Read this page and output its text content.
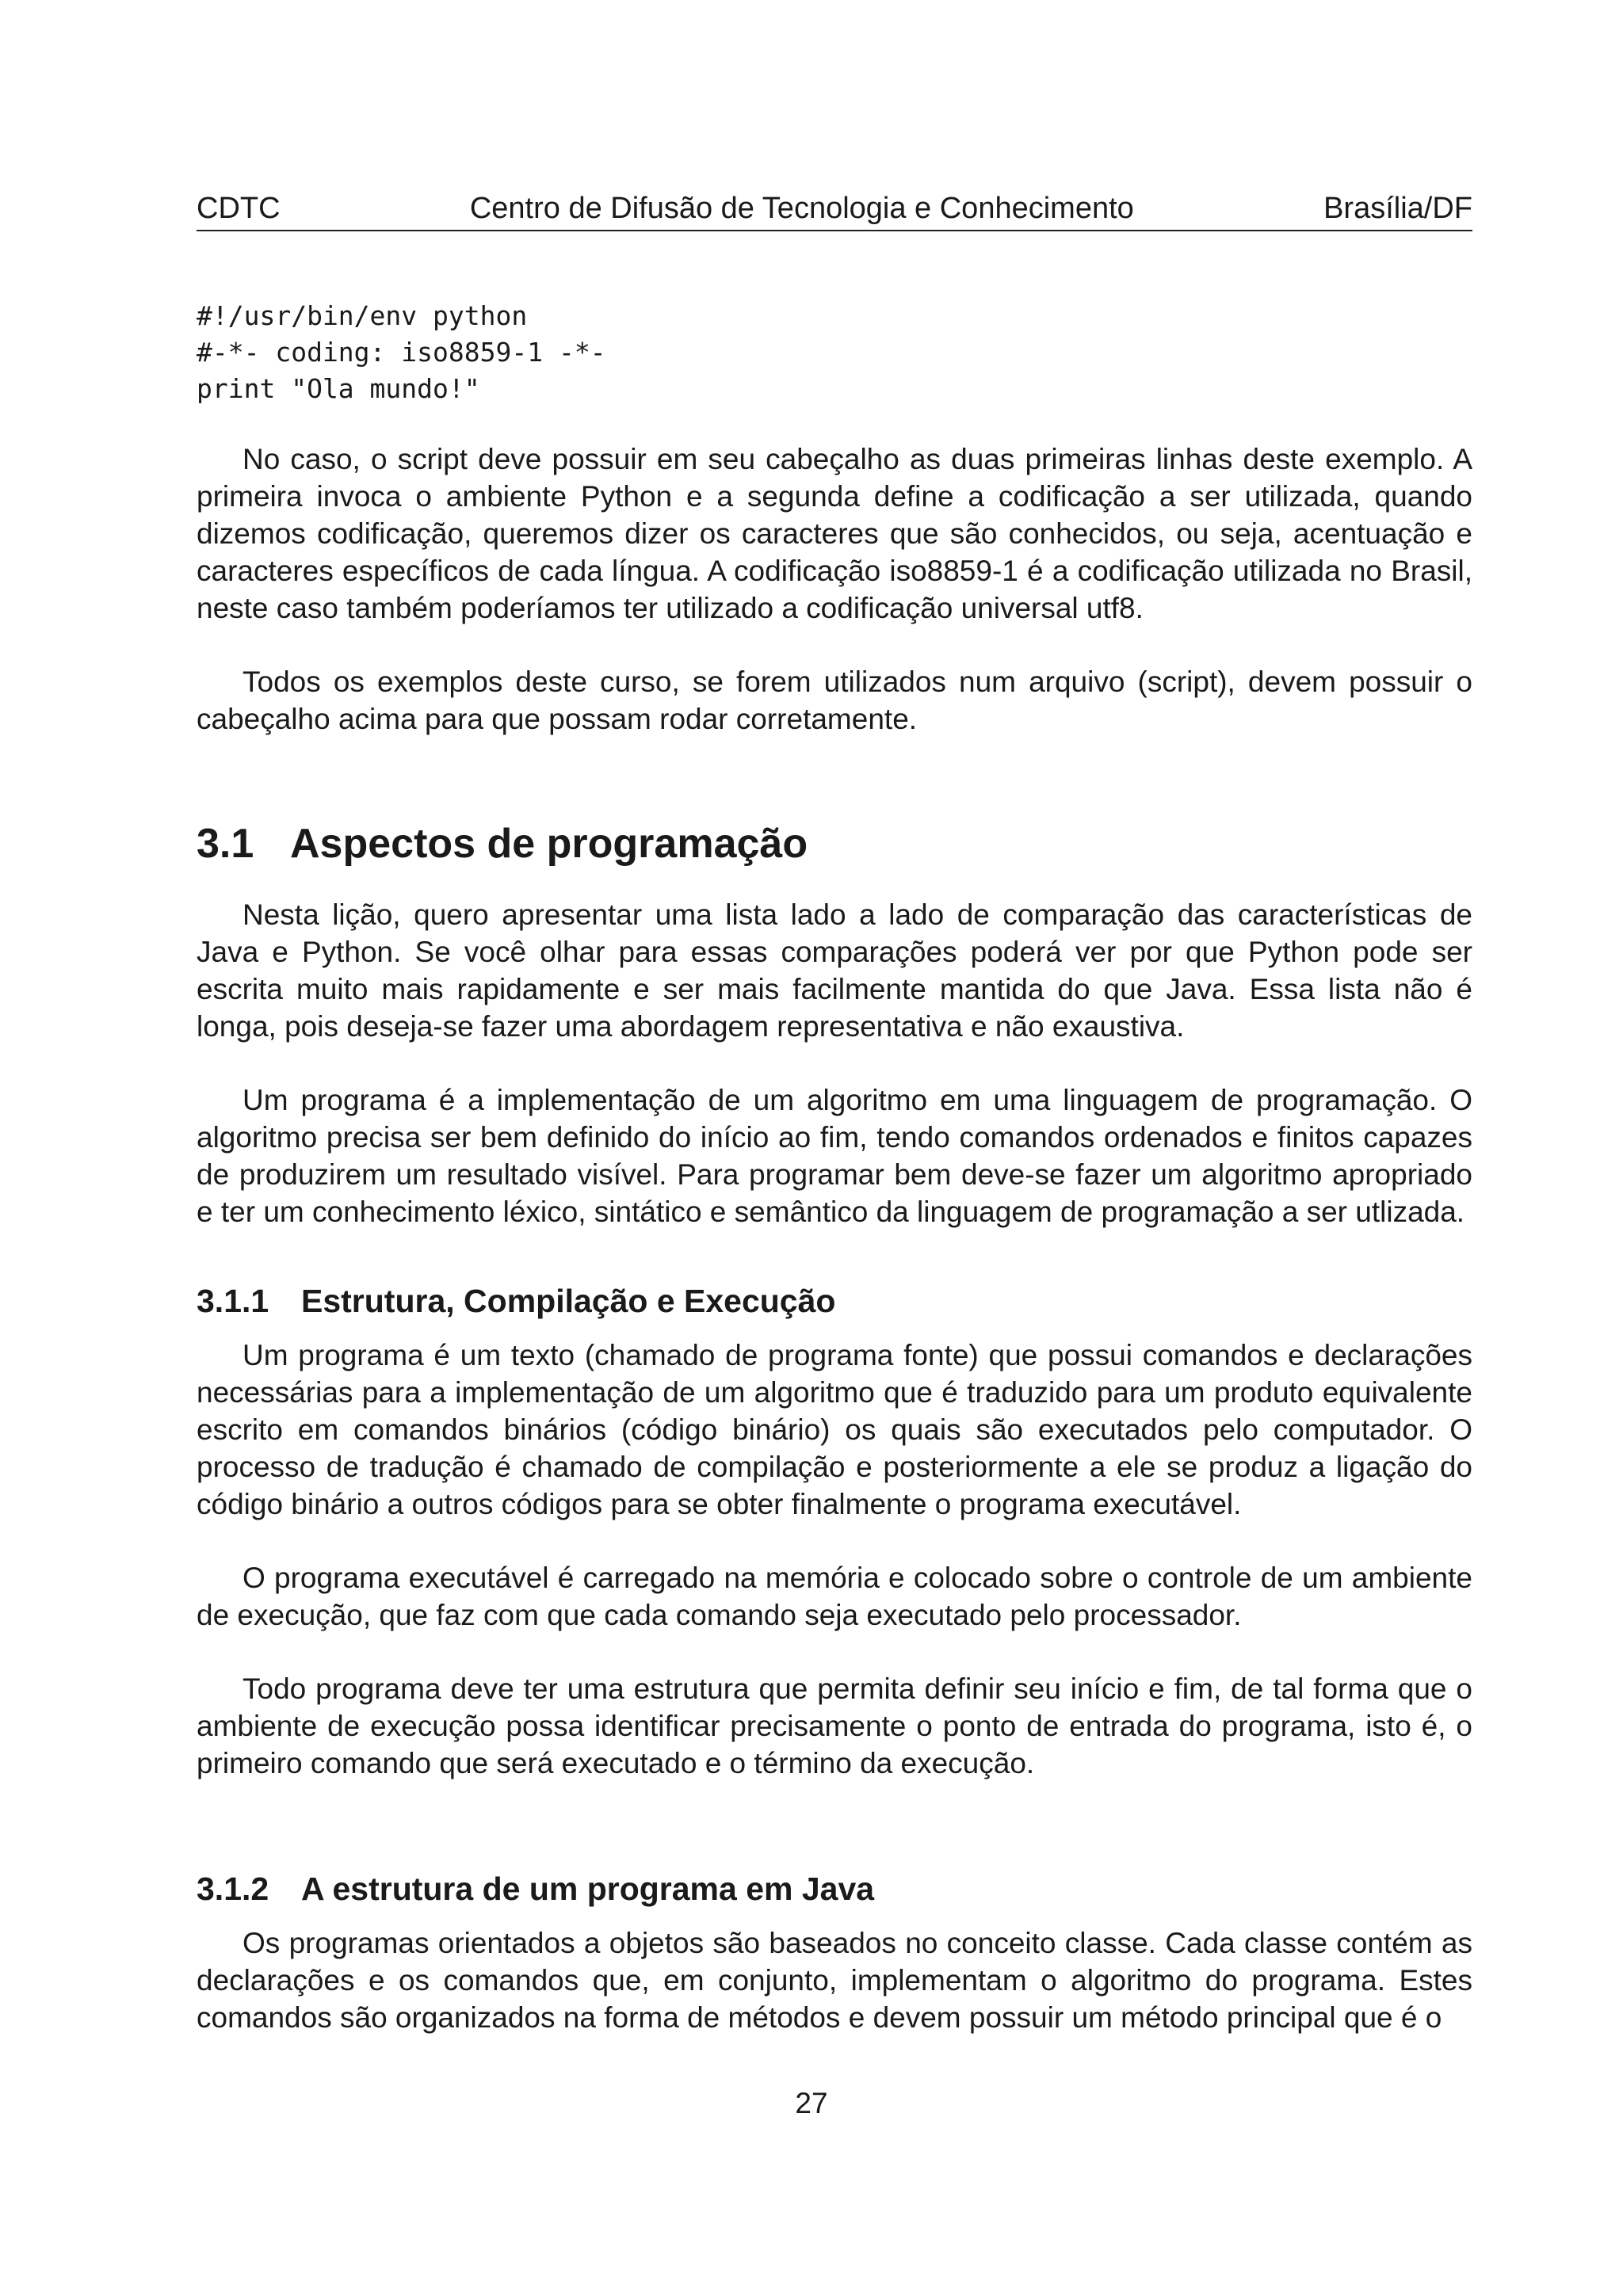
CDTC	Centro de Difusão de Tecnologia e Conhecimento	Brasília/DF
#!/usr/bin/env python
#-*- coding: iso8859-1 -*-
print "Ola mundo!"

No caso, o script deve possuir em seu cabeçalho as duas primeiras linhas deste exemplo. A primeira invoca o ambiente Python e a segunda define a codificação a ser utilizada, quando dizemos codificação, queremos dizer os caracteres que são conhecidos, ou seja, acentuação e caracteres específicos de cada língua. A codificação iso8859-1 é a codificação utilizada no Brasil, neste caso também poderíamos ter utilizado a codificação universal utf8.

Todos os exemplos deste curso, se forem utilizados num arquivo (script), devem possuir o cabeçalho acima para que possam rodar corretamente.

3.1 Aspectos de programação

Nesta lição, quero apresentar uma lista lado a lado de comparação das características de Java e Python. Se você olhar para essas comparações poderá ver por que Python pode ser escrita muito mais rapidamente e ser mais facilmente mantida do que Java. Essa lista não é longa, pois deseja-se fazer uma abordagem representativa e não exaustiva.

Um programa é a implementação de um algoritmo em uma linguagem de programação. O algoritmo precisa ser bem definido do início ao fim, tendo comandos ordenados e finitos capazes de produzirem um resultado visível. Para programar bem deve-se fazer um algoritmo apropriado e ter um conhecimento léxico, sintático e semântico da linguagem de programação a ser utlizada.

3.1.1 Estrutura, Compilação e Execução

Um programa é um texto (chamado de programa fonte) que possui comandos e declarações necessárias para a implementação de um algoritmo que é traduzido para um produto equivalente escrito em comandos binários (código binário) os quais são executados pelo computador. O processo de tradução é chamado de compilação e posteriormente a ele se produz a ligação do código binário a outros códigos para se obter finalmente o programa executável.

O programa executável é carregado na memória e colocado sobre o controle de um ambiente de execução, que faz com que cada comando seja executado pelo processador.

Todo programa deve ter uma estrutura que permita definir seu início e fim, de tal forma que o ambiente de execução possa identificar precisamente o ponto de entrada do programa, isto é, o primeiro comando que será executado e o término da execução.

3.1.2 A estrutura de um programa em Java

Os programas orientados a objetos são baseados no conceito classe. Cada classe contém as declarações e os comandos que, em conjunto, implementam o algoritmo do programa. Estes comandos são organizados na forma de métodos e devem possuir um método principal que é o

27
